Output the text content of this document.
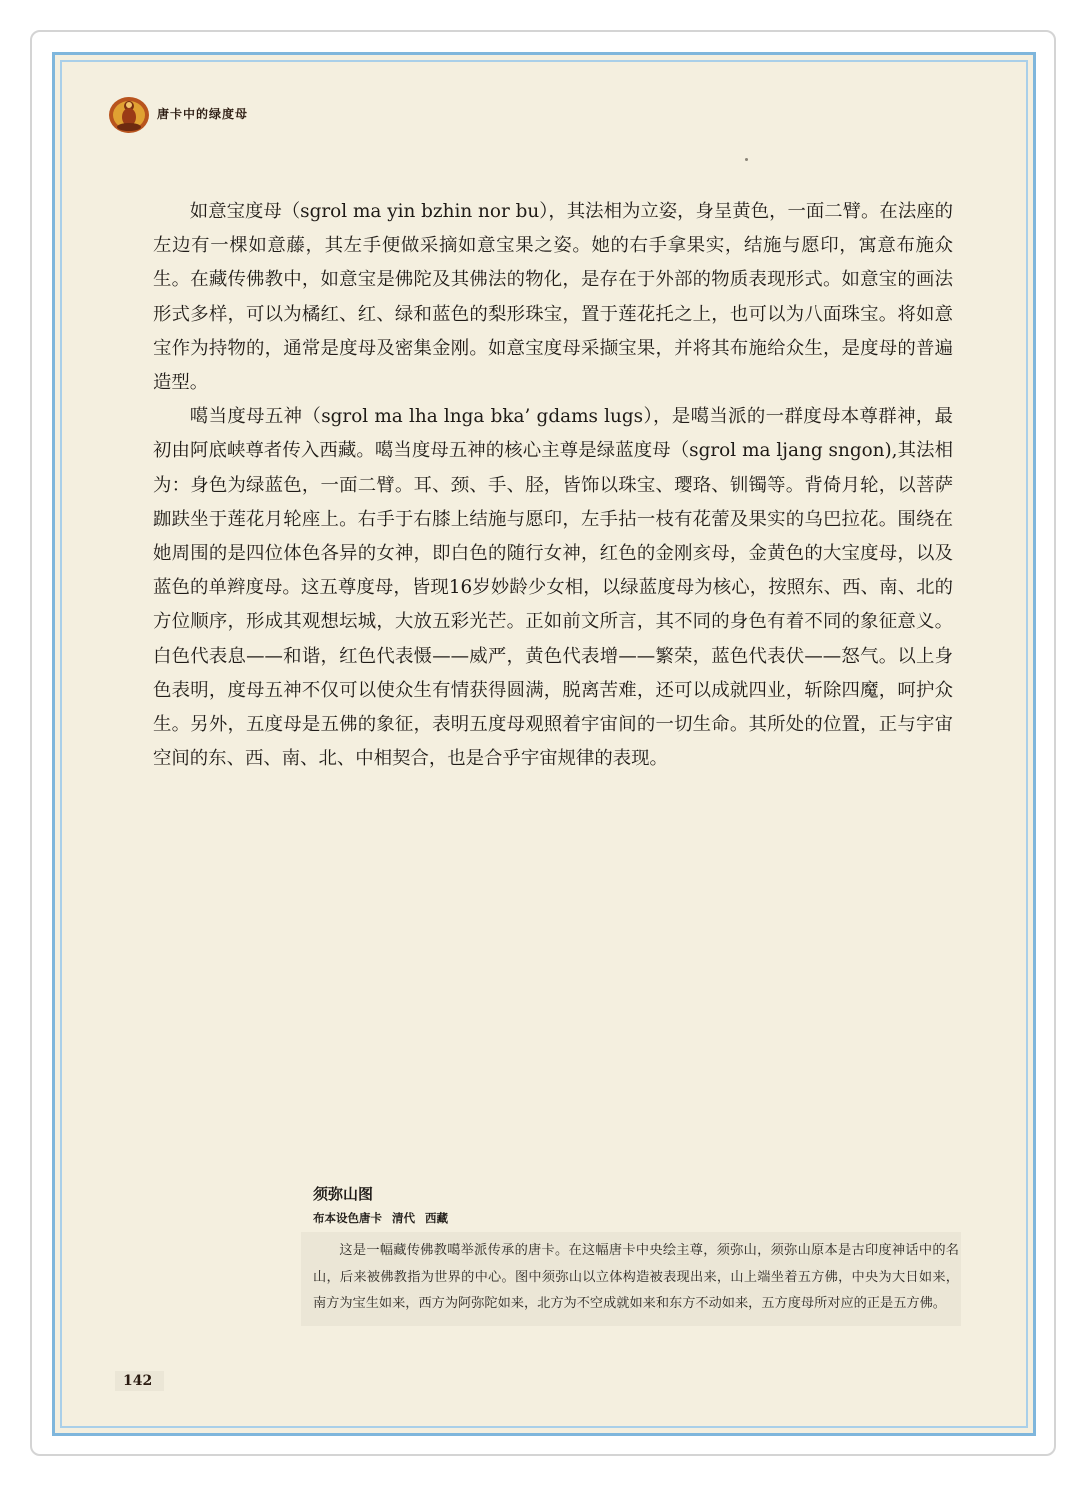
唐卡中的绿度母

如意宝度母（sgrol ma yin bzhin nor bu），其法相为立姿，身呈黄色，一面二臂。在法座的左边有一棵如意藤，其左手便做采摘如意宝果之姿。她的右手拿果实，结施与愿印，寓意布施众生。在藏传佛教中，如意宝是佛陀及其佛法的物化，是存在于外部的物质表现形式。如意宝的画法形式多样，可以为橘红、红、绿和蓝色的梨形珠宝，置于莲花托之上，也可以为八面珠宝。将如意宝作为持物的，通常是度母及密集金刚。如意宝度母采撷宝果，并将其布施给众生，是度母的普遍造型。

噶当度母五神（sgrol ma lha lnga bka’ gdams lugs），是噶当派的一群度母本尊群神，最初由阿底峡尊者传入西藏。噶当度母五神的核心主尊是绿蓝度母（sgrol ma ljang sngon),其法相为：身色为绿蓝色，一面二臂。耳、颈、手、胫，皆饰以珠宝、璎珞、钏镯等。背倚月轮，以菩萨跏趺坐于莲花月轮座上。右手于右膝上结施与愿印，左手拈一枝有花蕾及果实的乌巴拉花。围绕在她周围的是四位体色各异的女神，即白色的随行女神，红色的金刚亥母，金黄色的大宝度母，以及蓝色的单辫度母。这五尊度母，皆现16岁妙龄少女相，以绿蓝度母为核心，按照东、西、南、北的方位顺序，形成其观想坛城，大放五彩光芒。正如前文所言，其不同的身色有着不同的象征意义。白色代表息——和谐，红色代表慑——威严，黄色代表增——繁荣，蓝色代表伏——怒气。以上身色表明，度母五神不仅可以使众生有情获得圆满，脱离苦难，还可以成就四业，斩除四魔，呵护众生。另外，五度母是五佛的象征，表明五度母观照着宇宙间的一切生命。其所处的位置，正与宇宙空间的东、西、南、北、中相契合，也是合乎宇宙规律的表现。

须弥山图
布本设色唐卡 清代 西藏

这是一幅藏传佛教噶举派传承的唐卡。在这幅唐卡中央绘主尊，须弥山，须弥山原本是古印度神话中的名山，后来被佛教指为世界的中心。图中须弥山以立体构造被表现出来，山上端坐着五方佛，中央为大日如来，南方为宝生如来，西方为阿弥陀如来，北方为不空成就如来和东方不动如来，五方度母所对应的正是五方佛。

142
